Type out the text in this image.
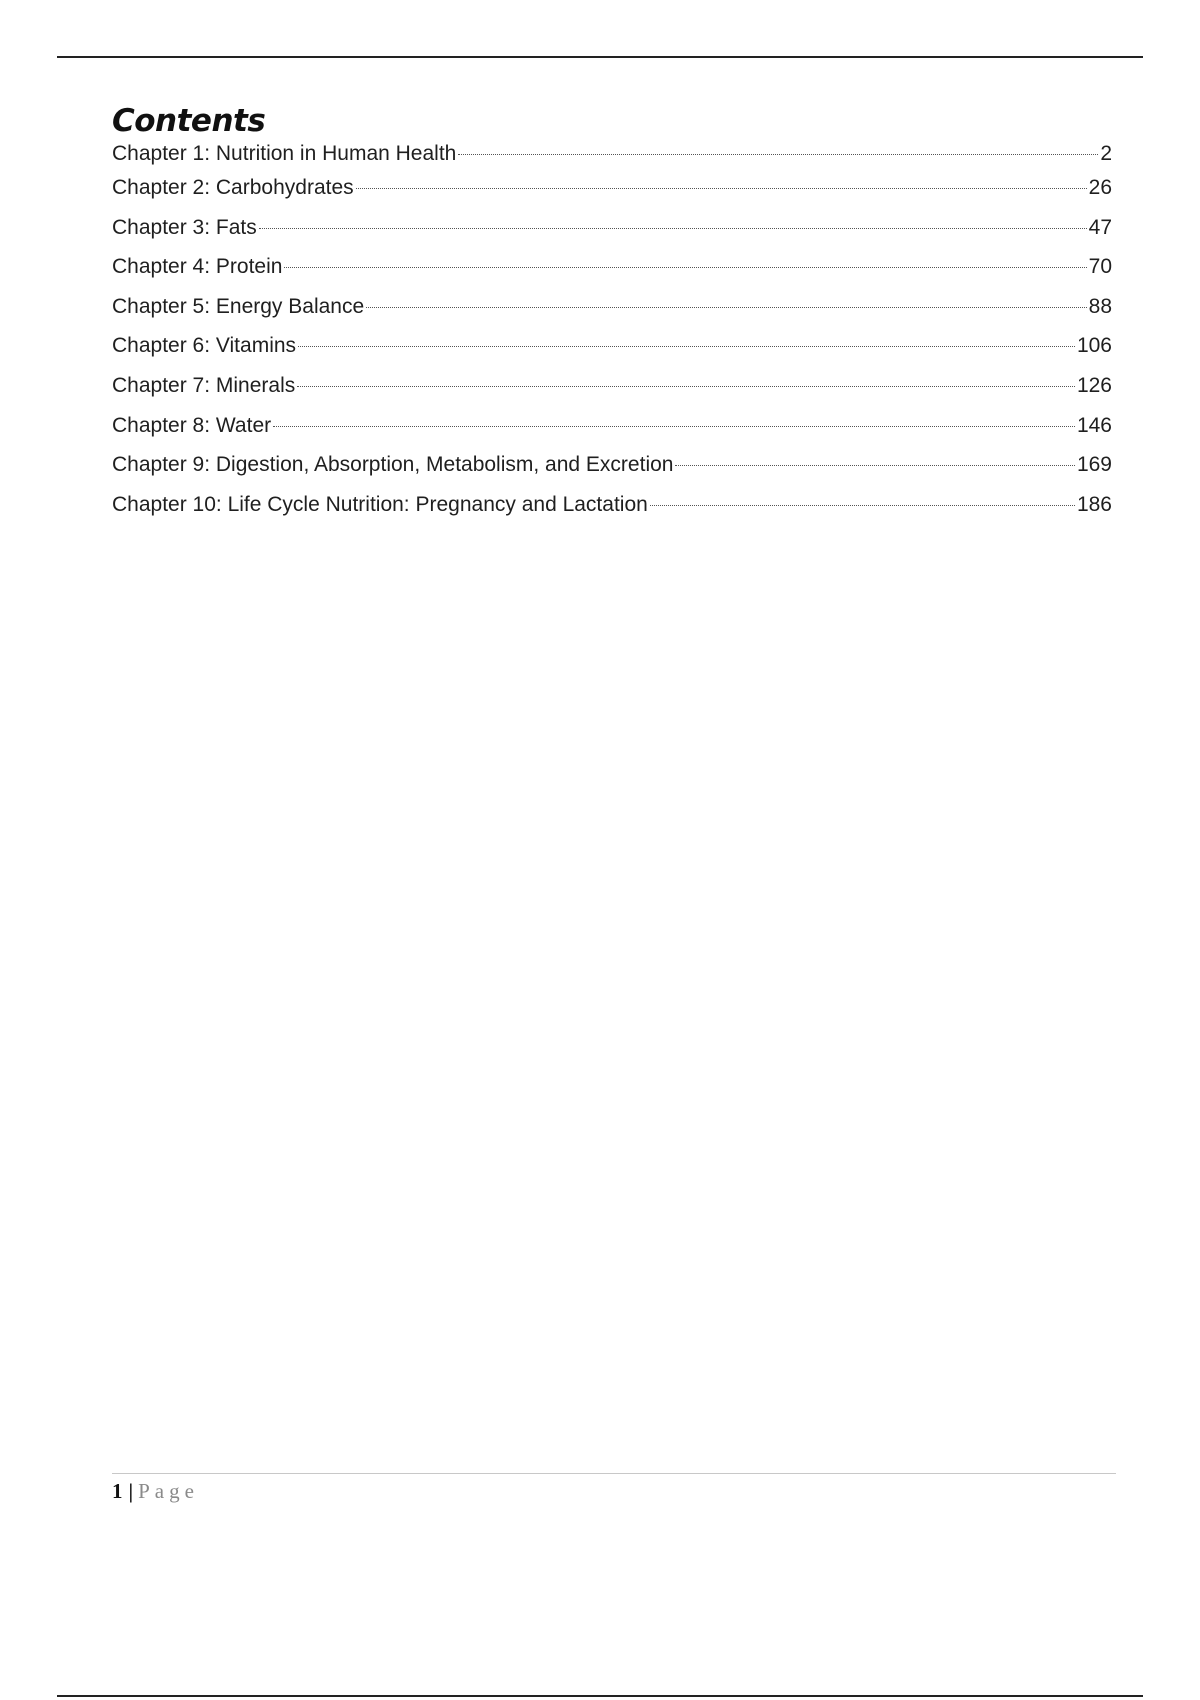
Contents
Chapter 1: Nutrition in Human Health	2
Chapter 2: Carbohydrates	26
Chapter 3: Fats	47
Chapter 4: Protein	70
Chapter 5: Energy Balance	88
Chapter 6: Vitamins	106
Chapter 7: Minerals	126
Chapter 8: Water	146
Chapter 9: Digestion, Absorption, Metabolism, and Excretion	169
Chapter 10: Life Cycle Nutrition: Pregnancy and Lactation	186
1 | Page
